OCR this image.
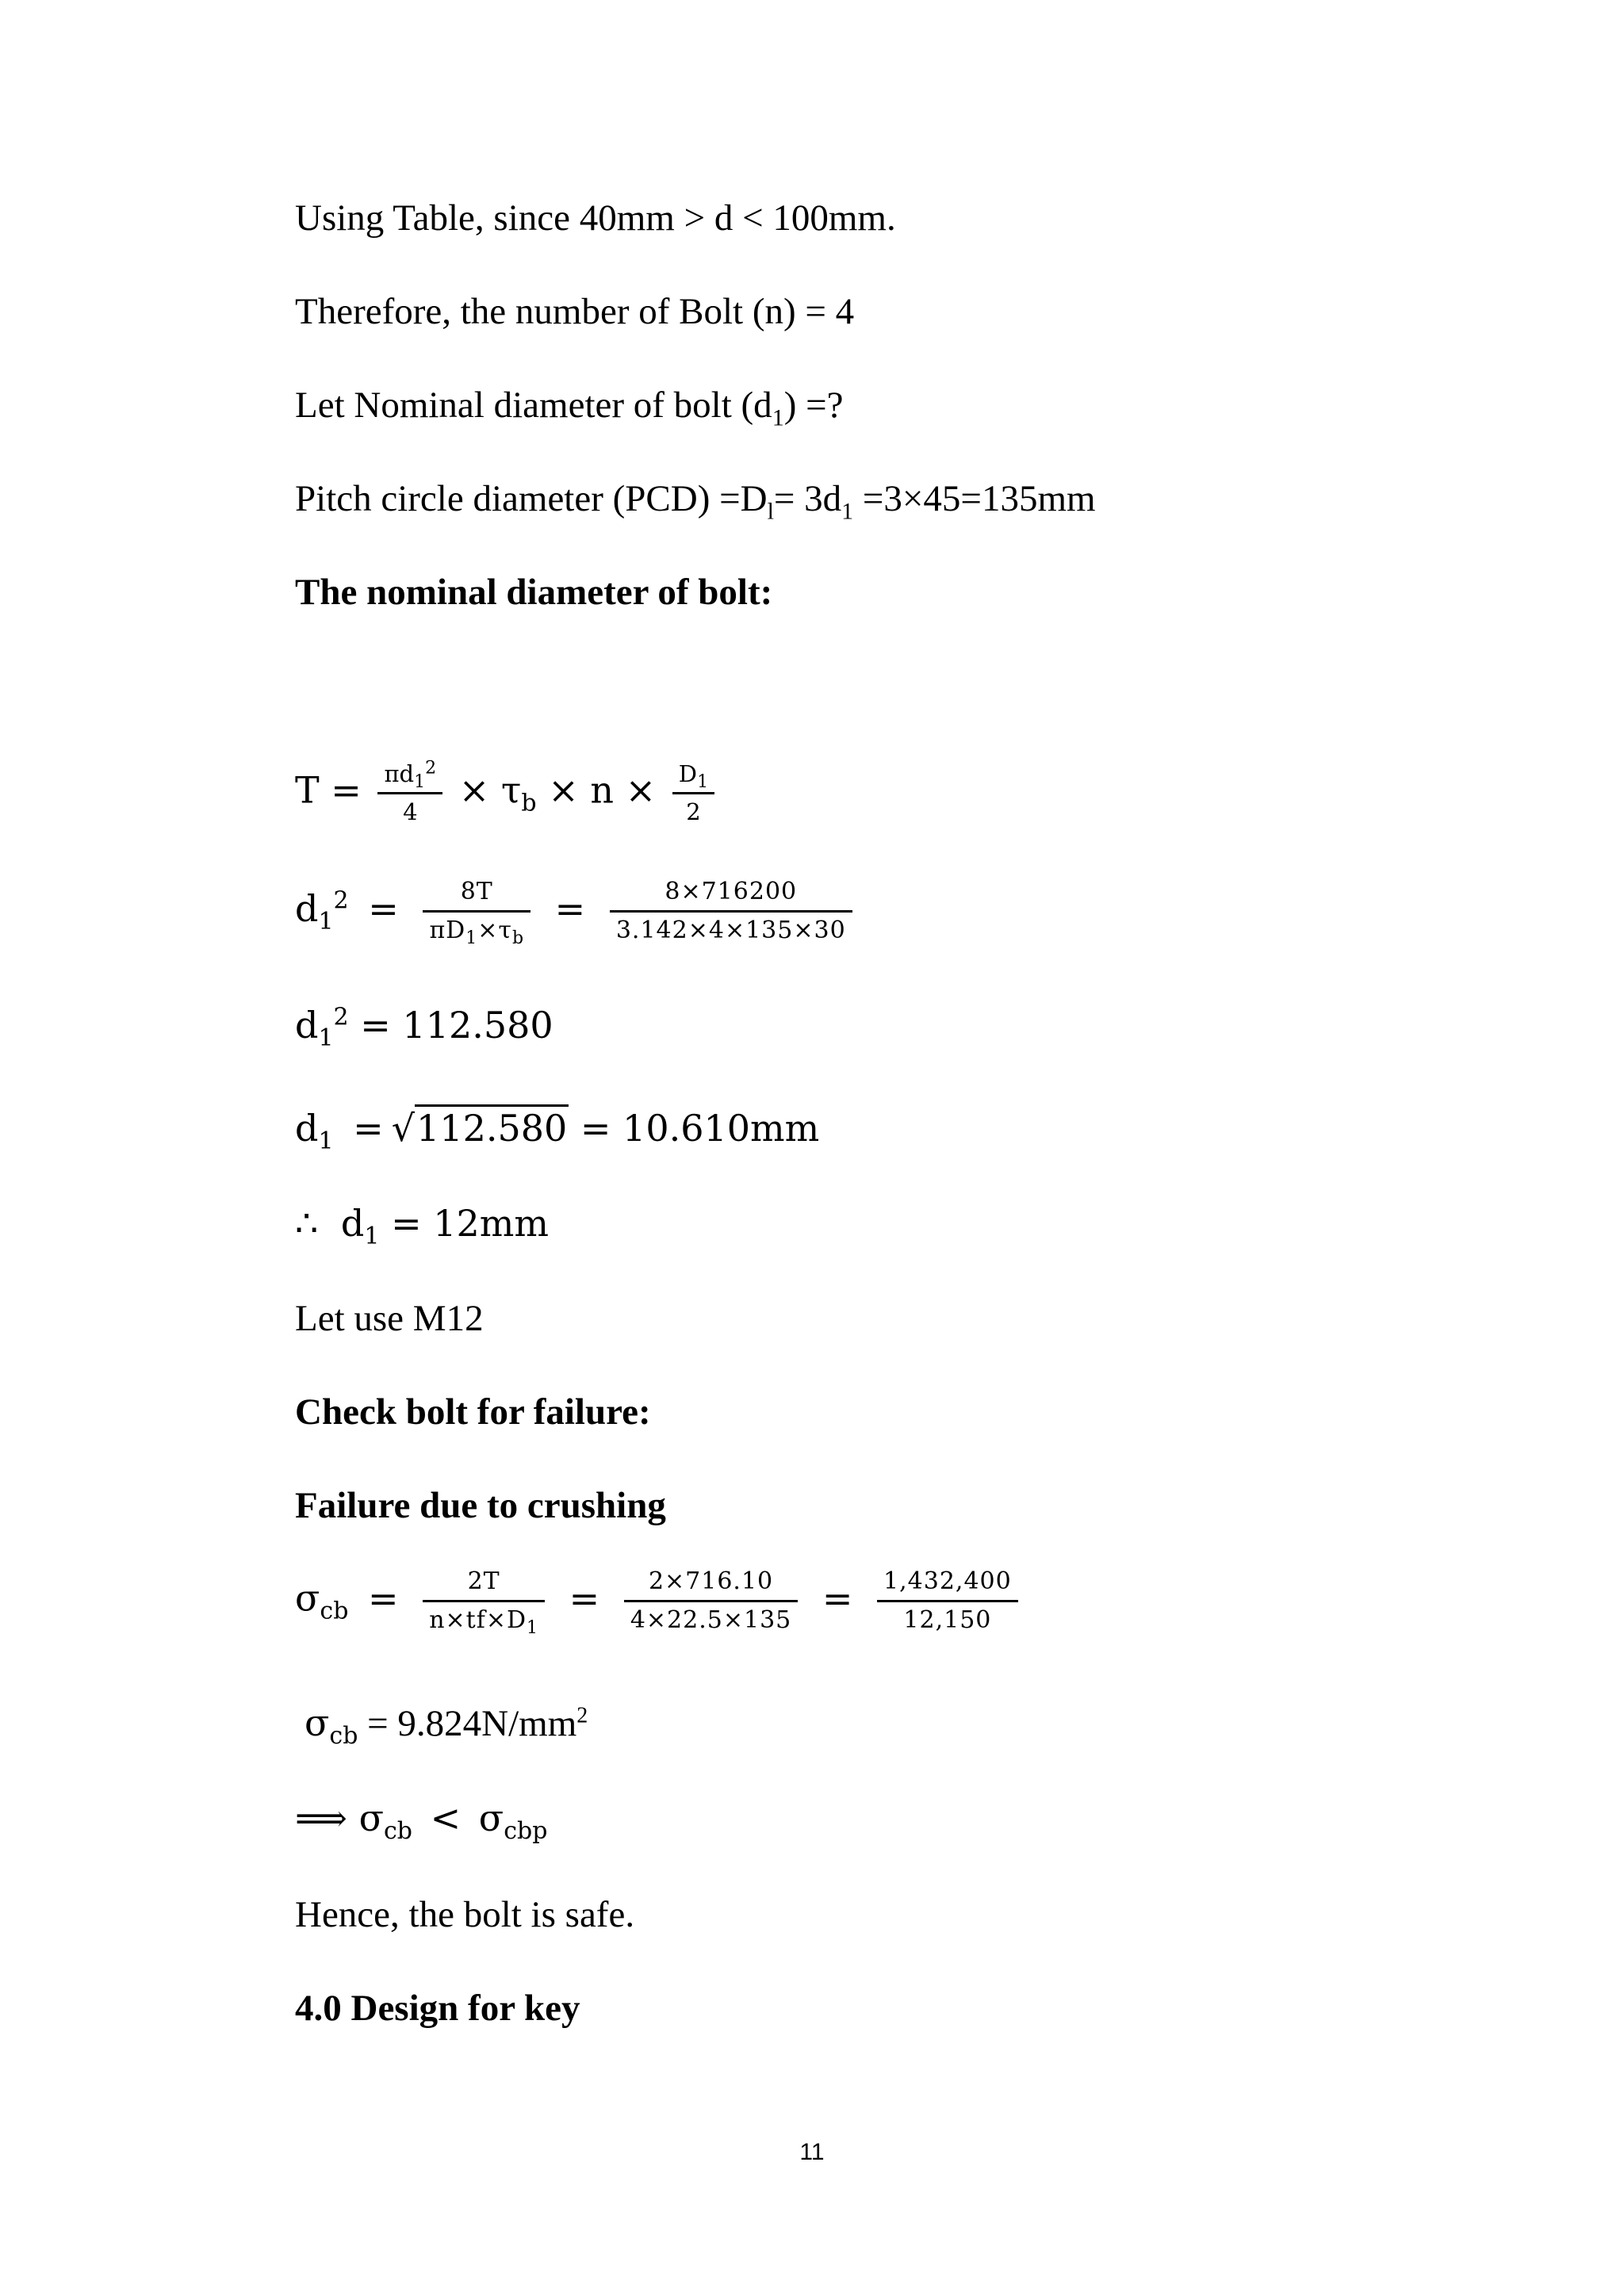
Using Table, since 40mm > d < 100mm.
Therefore, the number of Bolt (n) = 4
Let Nominal diameter of bolt $(d_1)$ =?
Pitch circle diameter $(PCD) =D_l= 3d_1 =3\times 45=135mm$
The nominal diameter of bolt:
$T = \frac{\pi d_1^2}{4} \times \tau_b \times n \times \frac{D_1}{2}$
$d_1^2 = \frac{8T}{\pi D_1\times\tau_b} = \frac{8\times 716200}{3.142\times 4\times 135\times 30}$
$d_1^2 = 112.580$
$d_1 = √112.580 = 10.610mm$
∴ $d_1 = 12mm$
Let use M12
Check bolt for failure:
Failure due to crushing
$\sigma_{cb} = \frac{2T}{n\times tf\times D_1} = \frac{2\times 716.10}{4\times 22.5\times 135} = \frac{1,432,400}{12,150}$
$\sigma_{cb} = 9.824N/mm^2$
⟹ $\sigma_{cb} < \sigma_{cbp}$
Hence, the bolt is safe.
4.0 Design for key
11
